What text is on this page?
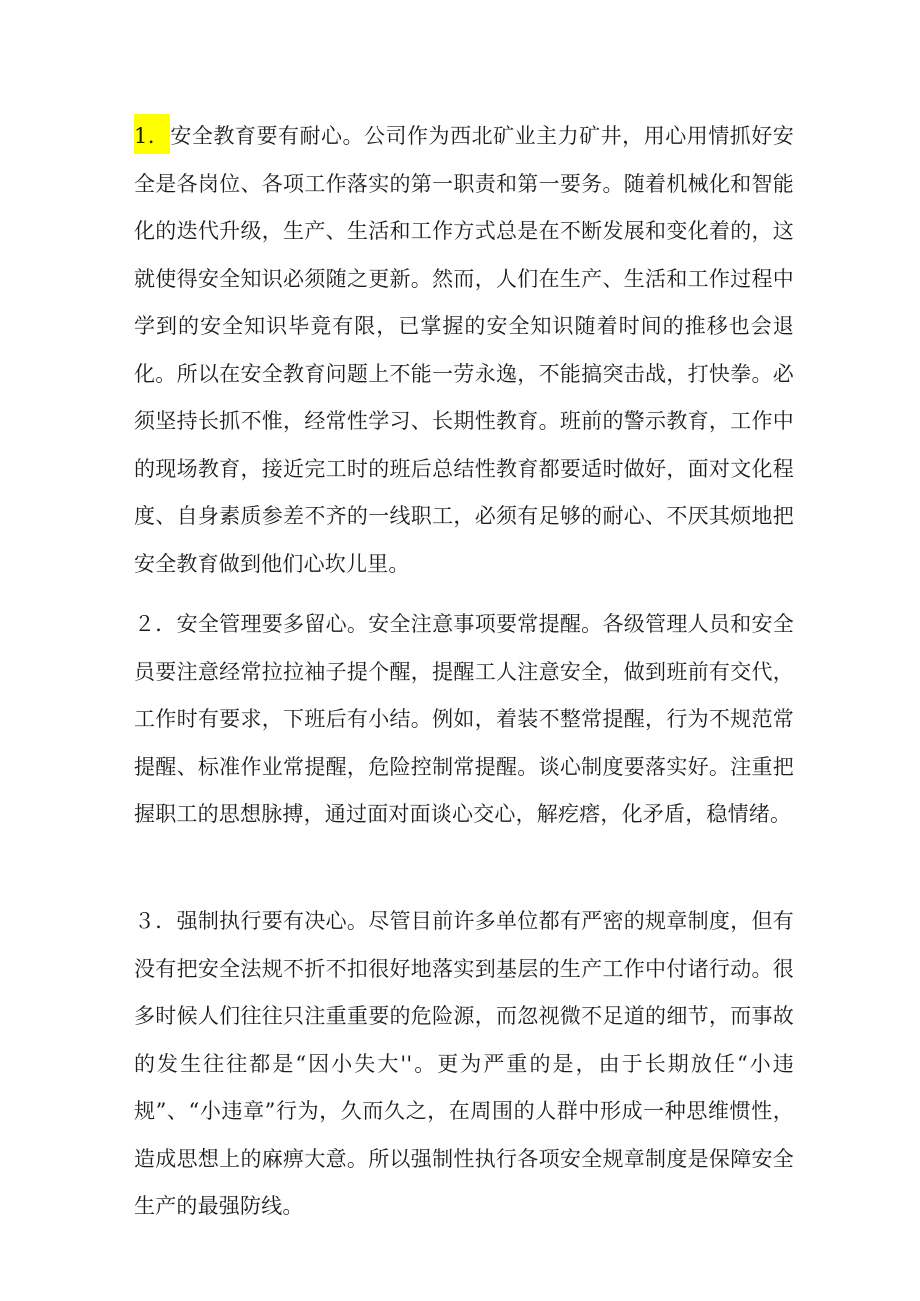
1．安全教育要有耐心。公司作为西北矿业主力矿井，用心用情抓好安全是各岗位、各项工作落实的第一职责和第一要务。随着机械化和智能化的迭代升级，生产、生活和工作方式总是在不断发展和变化着的，这就使得安全知识必须随之更新。然而，人们在生产、生活和工作过程中学到的安全知识毕竟有限，已掌握的安全知识随着时间的推移也会退化。所以在安全教育问题上不能一劳永逸，不能搞突击战，打快拳。必须坚持长抓不惟，经常性学习、长期性教育。班前的警示教育，工作中的现场教育，接近完工时的班后总结性教育都要适时做好，面对文化程度、自身素质参差不齐的一线职工，必须有足够的耐心、不厌其烦地把安全教育做到他们心坎儿里。

２．安全管理要多留心。安全注意事项要常提醒。各级管理人员和安全员要注意经常拉拉袖子提个醒，提醒工人注意安全，做到班前有交代，工作时有要求，下班后有小结。例如，着装不整常提醒，行为不规范常提醒、标准作业常提醒，危险控制常提醒。谈心制度要落实好。注重把握职工的思想脉搏，通过面对面谈心交心，解疙瘩，化矛盾，稳情绪。

３．强制执行要有决心。尽管目前许多单位都有严密的规章制度，但有没有把安全法规不折不扣很好地落实到基层的生产工作中付诸行动。很多时候人们往往只注重重要的危险源，而忽视微不足道的细节，而事故的发生往往都是“因小失大''。更为严重的是，由于长期放任“小违规”、“小违章”行为，久而久之，在周围的人群中形成一种思维惯性，造成思想上的麻痹大意。所以强制性执行各项安全规章制度是保障安全生产的最强防线。
